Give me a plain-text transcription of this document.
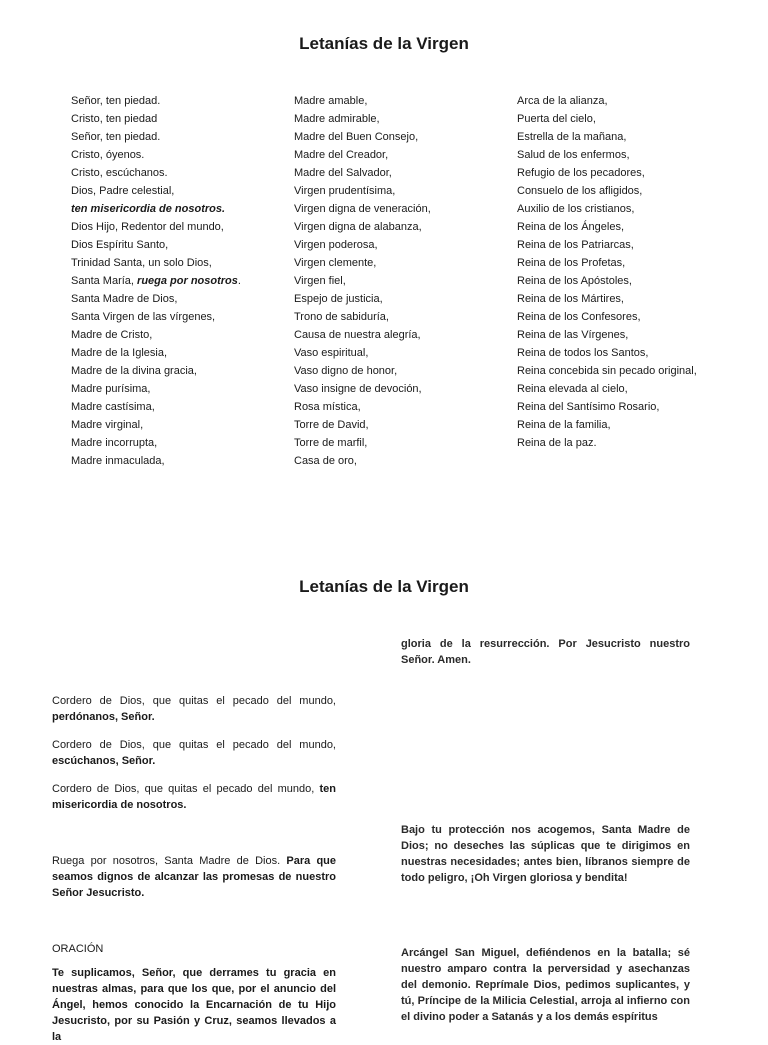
Letanías de la Virgen
Señor, ten piedad.
Cristo, ten piedad
Señor, ten piedad.
Cristo, óyenos.
Cristo, escúchanos.
Dios, Padre celestial,
ten misericordia de nosotros.
Dios Hijo, Redentor del mundo,
Dios Espíritu Santo,
Trinidad Santa, un solo Dios,
Santa María, ruega por nosotros.
Santa Madre de Dios,
Santa Virgen de las vírgenes,
Madre de Cristo,
Madre de la Iglesia,
Madre de la divina gracia,
Madre purísima,
Madre castísima,
Madre virginal,
Madre incorrupta,
Madre inmaculada,
Madre amable,
Madre admirable,
Madre del Buen Consejo,
Madre del Creador,
Madre del Salvador,
Virgen prudentísima,
Virgen digna de veneración,
Virgen digna de alabanza,
Virgen poderosa,
Virgen clemente,
Virgen fiel,
Espejo de justicia,
Trono de sabiduría,
Causa de nuestra alegría,
Vaso espiritual,
Vaso digno de honor,
Vaso insigne de devoción,
Rosa mística,
Torre de David,
Torre de marfil,
Casa de oro,
Arca de la alianza,
Puerta del cielo,
Estrella de la mañana,
Salud de los enfermos,
Refugio de los pecadores,
Consuelo de los afligidos,
Auxilio de los cristianos,
Reina de los Ángeles,
Reina de los Patriarcas,
Reina de los Profetas,
Reina de los Apóstoles,
Reina de los Mártires,
Reina de los Confesores,
Reina de las Vírgenes,
Reina de todos los Santos,
Reina concebida sin pecado original,
Reina elevada al cielo,
Reina del Santísimo Rosario,
Reina de la familia,
Reina de la paz.
Letanías de la Virgen

gloria de la resurrección. Por Jesucristo nuestro Señor. Amen.

Cordero de Dios, que quitas el pecado del mundo, perdónanos, Señor.

Cordero de Dios, que quitas el pecado del mundo, escúchanos, Señor.

Cordero de Dios, que quitas el pecado del mundo, ten misericordia de nosotros.

Ruega por nosotros, Santa Madre de Dios. Para que seamos dignos de alcanzar las promesas de nuestro Señor Jesucristo.

ORACIÓN

Te suplicamos, Señor, que derrames tu gracia en nuestras almas, para que los que, por el anuncio del Ángel, hemos conocido la Encarnación de tu Hijo Jesucristo, por su Pasión y Cruz, seamos llevados a la

Bajo tu protección nos acogemos, Santa Madre de Dios; no deseches las súplicas que te dirigimos en nuestras necesidades; antes bien, líbranos siempre de todo peligro, ¡Oh Virgen gloriosa y bendita!

Arcángel San Miguel, defiéndenos en la batalla; sé nuestro amparo contra la perversidad y asechanzas del demonio. Reprímale Dios, pedimos suplicantes, y tú, Príncipe de la Milicia Celestial, arroja al infierno con el divino poder a Satanás y a los demás espíritus
